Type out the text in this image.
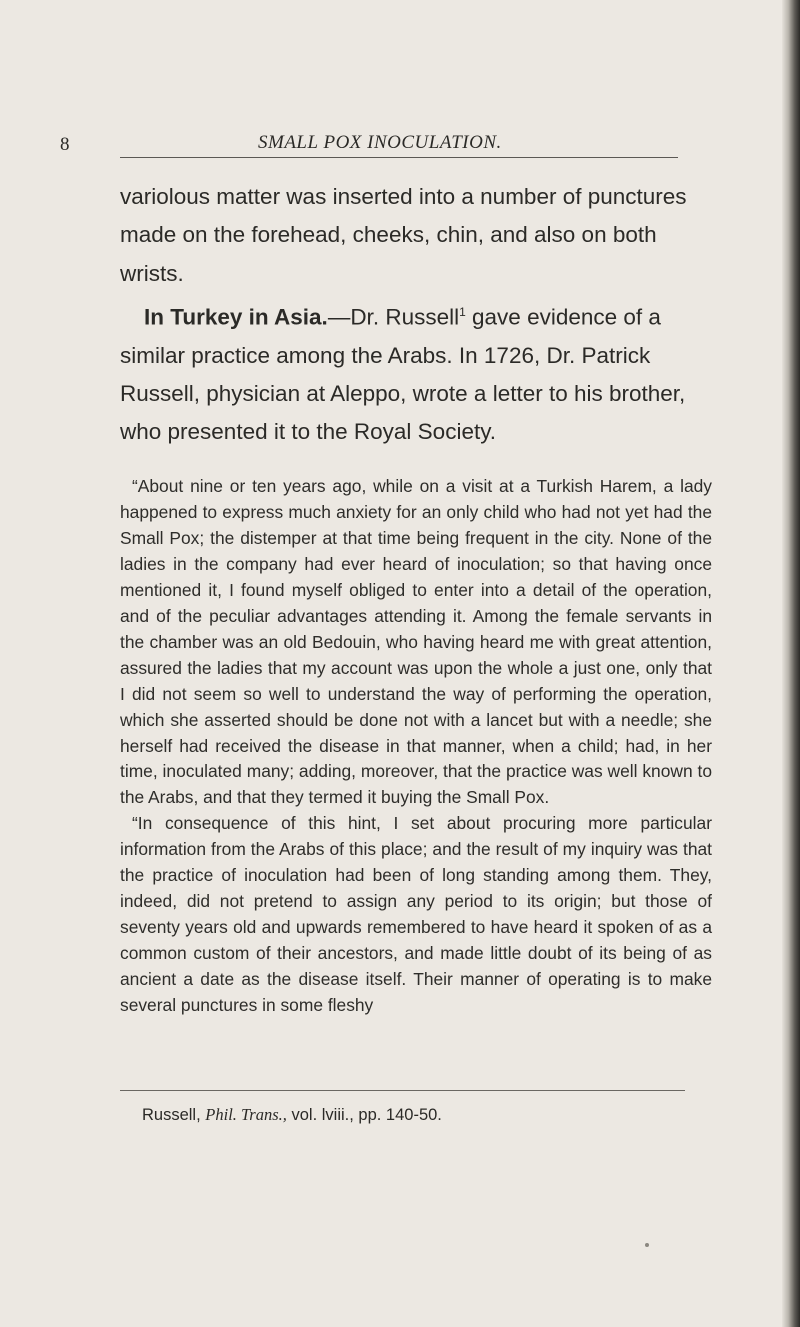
8	SMALL POX INOCULATION.
variolous matter was inserted into a number of punctures made on the forehead, cheeks, chin, and also on both wrists.
In Turkey in Asia.—Dr. Russell$^1$ gave evidence of a similar practice among the Arabs. In 1726, Dr. Patrick Russell, physician at Aleppo, wrote a letter to his brother, who presented it to the Royal Society.
“About nine or ten years ago, while on a visit at a Turkish Harem, a lady happened to express much anxiety for an only child who had not yet had the Small Pox; the distemper at that time being frequent in the city. None of the ladies in the company had ever heard of inoculation; so that having once mentioned it, I found myself obliged to enter into a detail of the operation, and of the peculiar advantages attending it. Among the female servants in the chamber was an old Bedouin, who having heard me with great attention, assured the ladies that my account was upon the whole a just one, only that I did not seem so well to understand the way of performing the operation, which she asserted should be done not with a lancet but with a needle; she herself had received the disease in that manner, when a child; had, in her time, inoculated many; adding, moreover, that the practice was well known to the Arabs, and that they termed it buying the Small Pox.
“In consequence of this hint, I set about procuring more particular information from the Arabs of this place; and the result of my inquiry was that the practice of inoculation had been of long standing among them. They, indeed, did not pretend to assign any period to its origin; but those of seventy years old and upwards remembered to have heard it spoken of as a common custom of their ancestors, and made little doubt of its being of as ancient a date as the disease itself. Their manner of operating is to make several punctures in some fleshy
Russell, Phil. Trans., vol. lviii., pp. 140-50.
